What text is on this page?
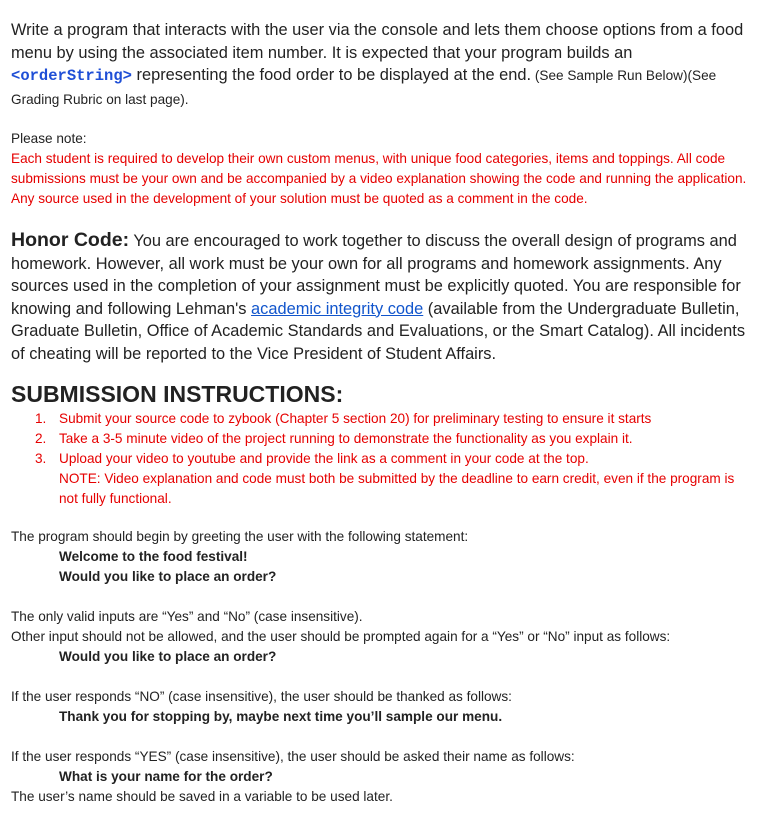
Write a program that interacts with the user via the console and lets them choose options from a food menu by using the associated item number. It is expected that your program builds an <orderString> representing the food order to be displayed at the end. (See Sample Run Below)(See Grading Rubric on last page).

Please note:

Each student is required to develop their own custom menus, with unique food categories, items and toppings. All code submissions must be your own and be accompanied by a video explanation showing the code and running the application. Any source used in the development of your solution must be quoted as a comment in the code.

Honor Code: You are encouraged to work together to discuss the overall design of programs and homework. However, all work must be your own for all programs and homework assignments. Any sources used in the completion of your assignment must be explicitly quoted. You are responsible for knowing and following Lehman's academic integrity code (available from the Undergraduate Bulletin, Graduate Bulletin, Office of Academic Standards and Evaluations, or the Smart Catalog). All incidents of cheating will be reported to the Vice President of Student Affairs.

SUBMISSION INSTRUCTIONS:

1. Submit your source code to zybook (Chapter 5 section 20) for preliminary testing to ensure it starts
2. Take a 3-5 minute video of the project running to demonstrate the functionality as you explain it.
3. Upload your video to youtube and provide the link as a comment in your code at the top.
NOTE: Video explanation and code must both be submitted by the deadline to earn credit, even if the program is not fully functional.

The program should begin by greeting the user with the following statement:

Welcome to the food festival!

Would you like to place an order?

The only valid inputs are “Yes” and “No” (case insensitive).

Other input should not be allowed, and the user should be prompted again for a “Yes” or “No” input as follows:

Would you like to place an order?

If the user responds “NO” (case insensitive), the user should be thanked as follows:

Thank you for stopping by, maybe next time you’ll sample our menu.

If the user responds “YES” (case insensitive), the user should be asked their name as follows:

What is your name for the order?

The user’s name should be saved in a variable to be used later.
